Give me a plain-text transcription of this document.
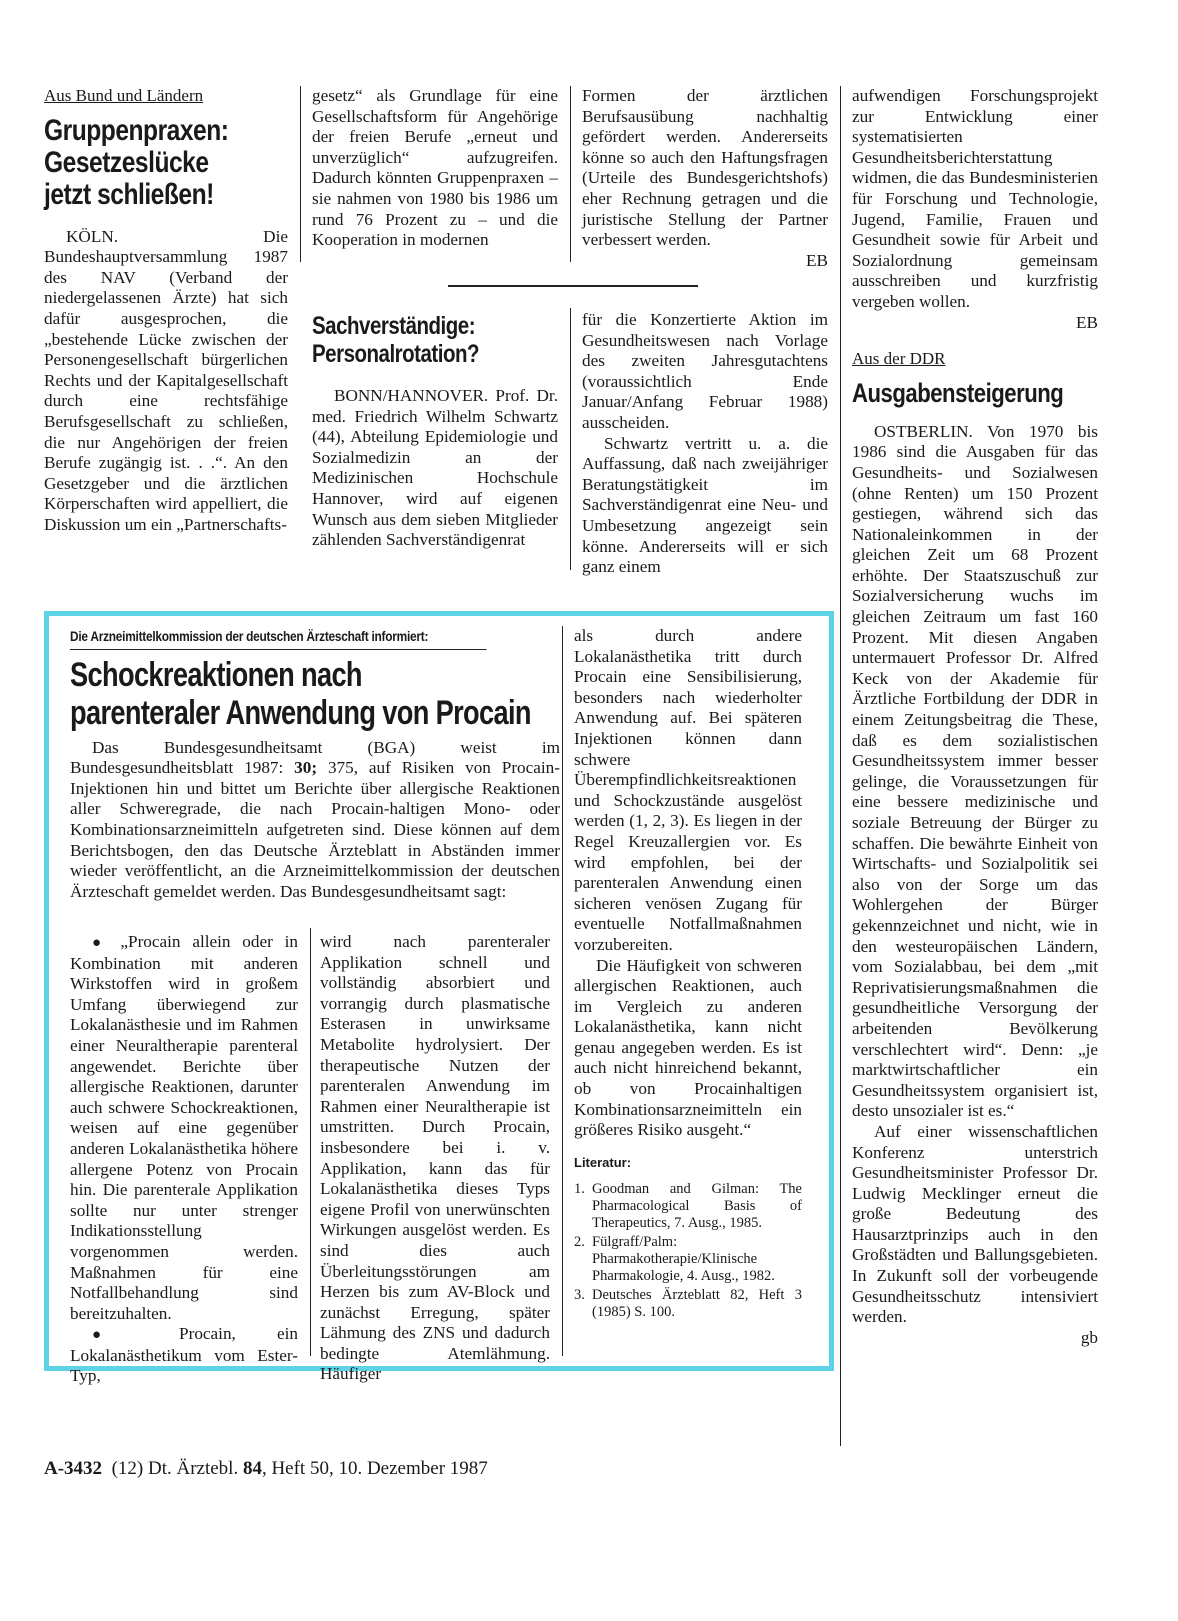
Aus Bund und Ländern
Gruppenpraxen:
Gesetzeslücke
jetzt schließen!

KÖLN. Die Bundeshauptversammlung 1987 des NAV (Verband der niedergelassenen Ärzte) hat sich dafür ausgesprochen, die „bestehende Lücke zwischen der Personengesellschaft bürgerlichen Rechts und der Kapitalgesellschaft durch eine rechtsfähige Berufsgesellschaft zu schließen, die nur Angehörigen der freien Berufe zugängig ist. . .“. An den Gesetzgeber und die ärztlichen Körperschaften wird appelliert, die Diskussion um ein „Partnerschafts-

gesetz“ als Grundlage für eine Gesellschaftsform für Angehörige der freien Berufe „erneut und unverzüglich“ aufzugreifen. Dadurch könnten Gruppenpraxen – sie nahmen von 1980 bis 1986 um rund 76 Prozent zu – und die Kooperation in modernen

Formen der ärztlichen Berufsausübung nachhaltig gefördert werden. Andererseits könne so auch den Haftungsfragen (Urteile des Bundesgerichtshofs) eher Rechnung getragen und die juristische Stellung der Partner verbessert werden.

EB
Sachverständige:
Personalrotation?

BONN/HANNOVER. Prof. Dr. med. Friedrich Wilhelm Schwartz (44), Abteilung Epidemiologie und Sozialmedizin an der Medizinischen Hochschule Hannover, wird auf eigenen Wunsch aus dem sieben Mitglieder zählenden Sachverständigenrat

für die Konzertierte Aktion im Gesundheitswesen nach Vorlage des zweiten Jahresgutachtens (voraussichtlich Ende Januar/Anfang Februar 1988) ausscheiden.

Schwartz vertritt u. a. die Auffassung, daß nach zweijähriger Beratungstätigkeit im Sachverständigenrat eine Neu- und Umbesetzung angezeigt sein könne. Andererseits will er sich ganz einem

aufwendigen Forschungsprojekt zur Entwicklung einer systematisierten Gesundheitsberichterstattung widmen, die das Bundesministerien für Forschung und Technologie, Jugend, Familie, Frauen und Gesundheit sowie für Arbeit und Sozialordnung gemeinsam ausschreiben und kurzfristig vergeben wollen.

EB
Aus der DDR
Ausgabensteigerung

OSTBERLIN. Von 1970 bis 1986 sind die Ausgaben für das Gesundheits- und Sozialwesen (ohne Renten) um 150 Prozent gestiegen, während sich das Nationaleinkommen in der gleichen Zeit um 68 Prozent erhöhte. Der Staatszuschuß zur Sozialversicherung wuchs im gleichen Zeitraum um fast 160 Prozent. Mit diesen Angaben untermauert Professor Dr. Alfred Keck von der Akademie für Ärztliche Fortbildung der DDR in einem Zeitungsbeitrag die These, daß es dem sozialistischen Gesundheitssystem immer besser gelinge, die Voraussetzungen für eine bessere medizinische und soziale Betreuung der Bürger zu schaffen. Die bewährte Einheit von Wirtschafts- und Sozialpolitik sei also von der Sorge um das Wohlergehen der Bürger gekennzeichnet und nicht, wie in den westeuropäischen Ländern, vom Sozialabbau, bei dem „mit Reprivatisierungsmaßnahmen die gesundheitliche Versorgung der arbeitenden Bevölkerung verschlechtert wird“. Denn: „je marktwirtschaftlicher ein Gesundheitssystem organisiert ist, desto unsozialer ist es.“

Auf einer wissenschaftlichen Konferenz unterstrich Gesundheitsminister Professor Dr. Ludwig Mecklinger erneut die große Bedeutung des Hausarztprinzips auch in den Großstädten und Ballungsgebieten. In Zukunft soll der vorbeugende Gesundheitsschutz intensiviert werden.

gb
Die Arzneimittelkommission der deutschen Ärzteschaft informiert:
Schockreaktionen nach
parenteraler Anwendung von Procain

Das Bundesgesundheitsamt (BGA) weist im Bundesgesundheitsblatt 1987: 30; 375, auf Risiken von Procain-Injektionen hin und bittet um Berichte über allergische Reaktionen aller Schweregrade, die nach Procain-haltigen Mono- oder Kombinationsarzneimitteln aufgetreten sind. Diese können auf dem Berichtsbogen, den das Deutsche Ärzteblatt in Abständen immer wieder veröffentlicht, an die Arzneimittelkommission der deutschen Ärzteschaft gemeldet werden. Das Bundesgesundheitsamt sagt:

● „Procain allein oder in Kombination mit anderen Wirkstoffen wird in großem Umfang überwiegend zur Lokalanästhesie und im Rahmen einer Neuraltherapie parenteral angewendet. Berichte über allergische Reaktionen, darunter auch schwere Schockreaktionen, weisen auf eine gegenüber anderen Lokalanästhetika höhere allergene Potenz von Procain hin. Die parenterale Applikation sollte nur unter strenger Indikationsstellung vorgenommen werden. Maßnahmen für eine Notfallbehandlung sind bereitzuhalten.

● Procain, ein Lokalanästhetikum vom Ester-Typ,

wird nach parenteraler Applikation schnell und vollständig absorbiert und vorrangig durch plasmatische Esterasen in unwirksame Metabolite hydrolysiert. Der therapeutische Nutzen der parenteralen Anwendung im Rahmen einer Neuraltherapie ist umstritten. Durch Procain, insbesondere bei i. v. Applikation, kann das für Lokalanästhetika dieses Typs eigene Profil von unerwünschten Wirkungen ausgelöst werden. Es sind dies auch Überleitungsstörungen am Herzen bis zum AV-Block und zunächst Erregung, später Lähmung des ZNS und dadurch bedingte Atemlähmung. Häufiger

als durch andere Lokalanästhetika tritt durch Procain eine Sensibilisierung, besonders nach wiederholter Anwendung auf. Bei späteren Injektionen können dann schwere Überempfindlichkeitsreaktionen und Schockzustände ausgelöst werden (1, 2, 3). Es liegen in der Regel Kreuzallergien vor. Es wird empfohlen, bei der parenteralen Anwendung einen sicheren venösen Zugang für eventuelle Notfallmaßnahmen vorzubereiten.

Die Häufigkeit von schweren allergischen Reaktionen, auch im Vergleich zu anderen Lokalanästhetika, kann nicht genau angegeben werden. Es ist auch nicht hinreichend bekannt, ob von Procainhaltigen Kombinationsarzneimitteln ein größeres Risiko ausgeht.“

Literatur:
1. Goodman and Gilman: The Pharmacological Basis of Therapeutics, 7. Ausg., 1985.
2. Fülgraff/Palm: Pharmakotherapie/Klinische Pharmakologie, 4. Ausg., 1982.
3. Deutsches Ärzteblatt 82, Heft 3 (1985) S. 100.
A-3432 (12) Dt. Ärztebl. 84, Heft 50, 10. Dezember 1987
